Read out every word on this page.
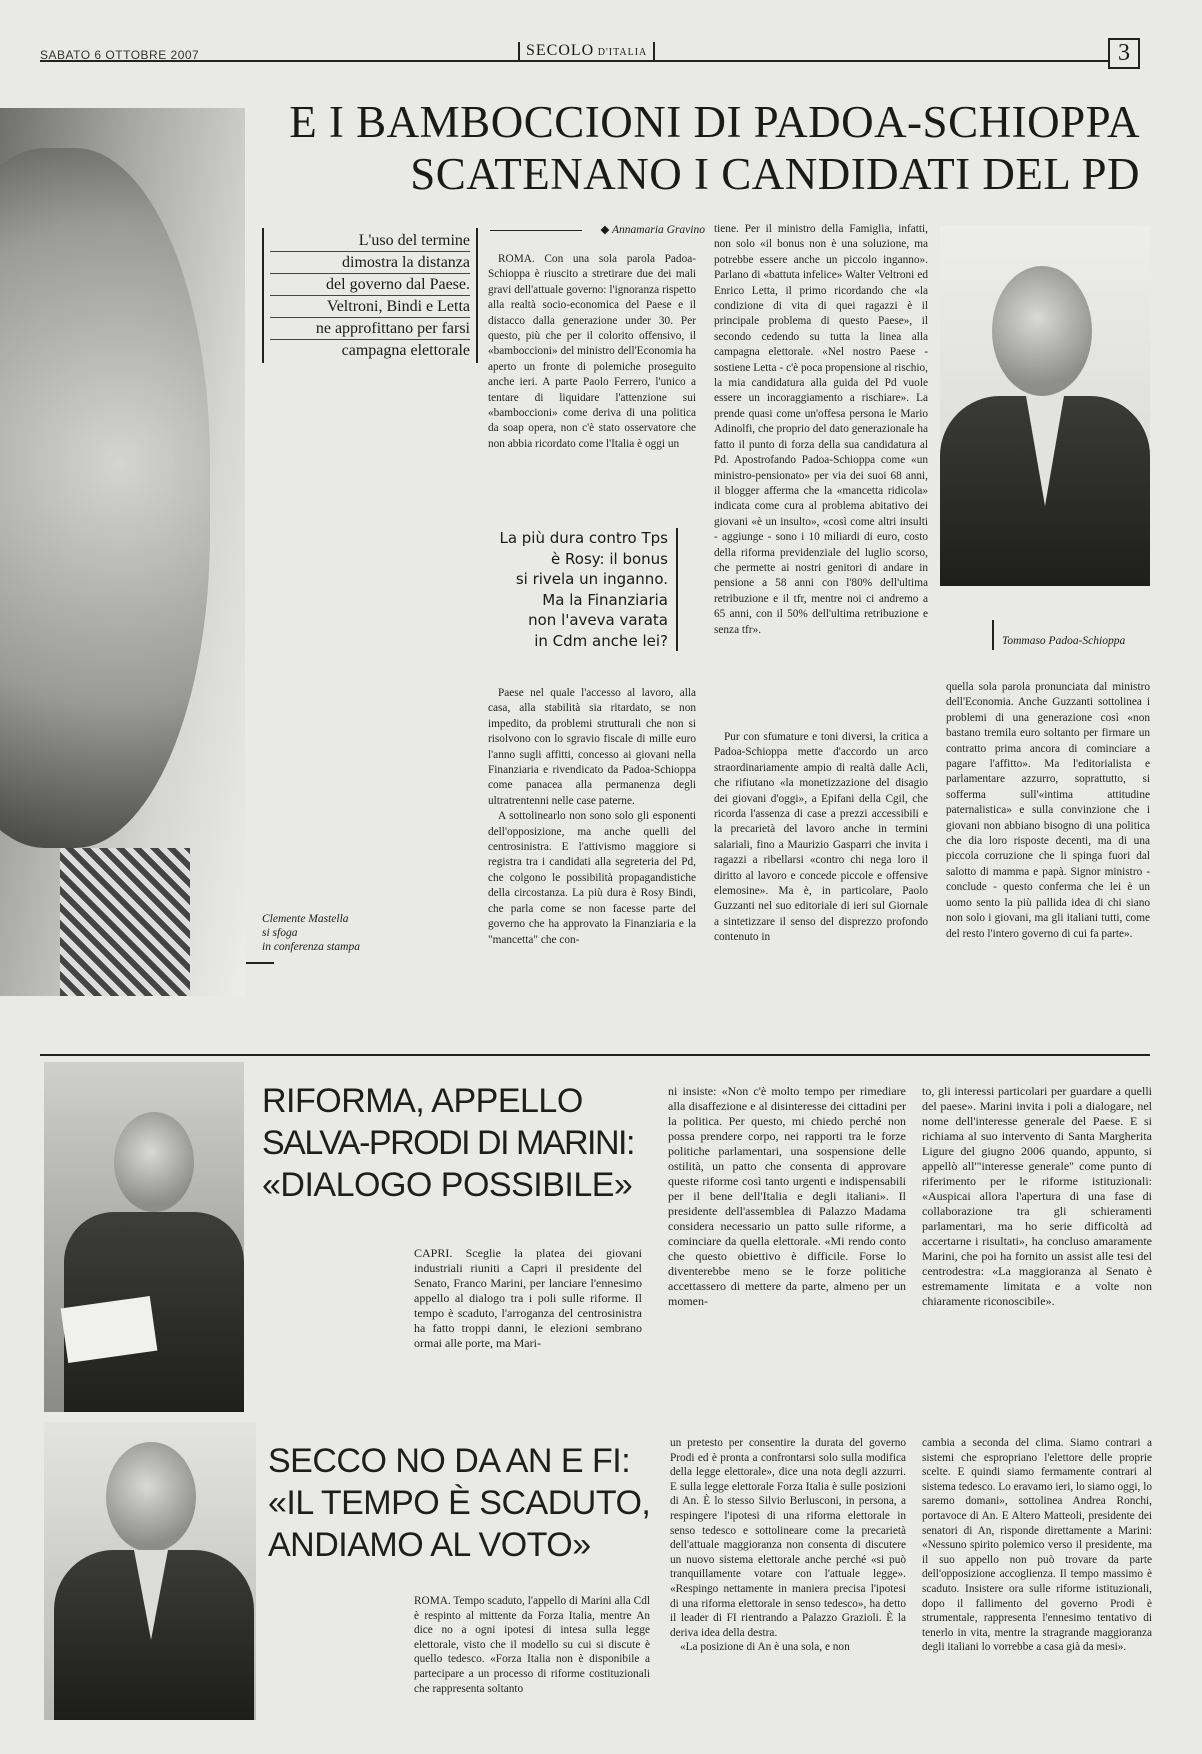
SABATO 6 OTTOBRE 2007	SECOLO D'ITALIA	3
Clemente Mastella
si sfoga
in conferenza stampa
E I BAMBOCCIONI DI PADOA-SCHIOPPA
SCATENANO I CANDIDATI DEL PD
L'uso del termine
dimostra la distanza
del governo dal Paese.
Veltroni, Bindi e Letta
ne approfittano per farsi
campagna elettorale
◆ Annamaria Gravino

ROMA. Con una sola parola Padoa-Schioppa è riuscito a stretirare due dei mali gravi dell'attuale governo: l'ignoranza rispetto alla realtà socio-economica del Paese e il distacco dalla generazione under 30. Per questo, più che per il colorito offensivo, il «bamboccioni» del ministro dell'Economia ha aperto un fronte di polemiche proseguito anche ieri. A parte Paolo Ferrero, l'unico a tentare di liquidare l'attenzione sui «bamboccioni» come deriva di una politica da soap opera, non c'è stato osservatore che non abbia ricordato come l'Italia è oggi un

La più dura contro Tps
è Rosy: il bonus
si rivela un inganno.
Ma la Finanziaria
non l'aveva varata
in Cdm anche lei?

Paese nel quale l'accesso al lavoro, alla casa, alla stabilità sia ritardato, se non impedito, da problemi strutturali che non si risolvono con lo sgravio fiscale di mille euro l'anno sugli affitti, concesso ai giovani nella Finanziaria e rivendicato da Padoa-Schioppa come panacea alla permanenza degli ultratrentenni nelle case paterne.

A sottolinearlo non sono solo gli esponenti dell'opposizione, ma anche quelli del centrosinistra. E l'attivismo maggiore si registra tra i candidati alla segreteria del Pd, che colgono le possibilità propagandistiche della circostanza. La più dura è Rosy Bindi, che parla come se non facesse parte del governo che ha approvato la Finanziaria e la "mancetta" che con-

tiene. Per il ministro della Famiglia, infatti, non solo «il bonus non è una soluzione, ma potrebbe essere anche un piccolo inganno». Parlano di «battuta infelice» Walter Veltroni ed Enrico Letta, il primo ricordando che «la condizione di vita di quei ragazzi è il principale problema di questo Paese», il secondo cedendo su tutta la linea alla campagna elettorale. «Nel nostro Paese - sostiene Letta - c'è poca propensione al rischio, la mia candidatura alla guida del Pd vuole essere un incoraggiamento a rischiare». La prende quasi come un'offesa persona le Mario Adinolfi, che proprio del dato generazionale ha fatto il punto di forza della sua candidatura al Pd. Apostrofando Padoa-Schioppa come «un ministro-pensionato» per via dei suoi 68 anni, il blogger afferma che la «mancetta ridicola» indicata come cura al problema abitativo dei giovani «è un insulto», «così come altri insulti - aggiunge - sono i 10 miliardi di euro, costo della riforma previdenziale del luglio scorso, che permette ai nostri genitori di andare in pensione a 58 anni con l'80% dell'ultima retribuzione e il tfr, mentre noi ci andremo a 65 anni, con il 50% dell'ultima retribuzione e senza tfr».

Pur con sfumature e toni diversi, la critica a Padoa-Schioppa mette d'accordo un arco straordinariamente ampio di realtà dalle Acli, che rifiutano «la monetizzazione del disagio dei giovani d'oggi», a Epifani della Cgil, che ricorda l'assenza di case a prezzi accessibili e la precarietà del lavoro anche in termini salariali, fino a Maurizio Gasparri che invita i ragazzi a ribellarsi «contro chi nega loro il diritto al lavoro e concede piccole e offensive elemosine». Ma è, in particolare, Paolo Guzzanti nel suo editoriale di ieri sul Giornale a sintetizzare il senso del disprezzo profondo contenuto in

Tommaso Padoa-Schioppa

quella sola parola pronunciata dal ministro dell'Economia. Anche Guzzanti sottolinea i problemi di una generazione così «non bastano tremila euro soltanto per firmare un contratto prima ancora di cominciare a pagare l'affitto». Ma l'editorialista e parlamentare azzurro, soprattutto, si sofferma sull'«intima attitudine paternalistica» e sulla convinzione che i giovani non abbiano bisogno di una politica che dia loro risposte decenti, ma di una piccola corruzione che li spinga fuori dal salotto di mamma e papà. Signor ministro - conclude - questo conferma che lei è un uomo sento la più pallida idea di chi siano non solo i giovani, ma gli italiani tutti, come del resto l'intero governo di cui fa parte».

RIFORMA, APPELLO
SALVA-PRODI DI MARINI:
«DIALOGO POSSIBILE»

CAPRI. Sceglie la platea dei giovani industriali riuniti a Capri il presidente del Senato, Franco Marini, per lanciare l'ennesimo appello al dialogo tra i poli sulle riforme. Il tempo è scaduto, l'arroganza del centrosinistra ha fatto troppi danni, le elezioni sembrano ormai alle porte, ma Mari-

ni insiste: «Non c'è molto tempo per rimediare alla disaffezione e al disinteresse dei cittadini per la politica. Per questo, mi chiedo perché non possa prendere corpo, nei rapporti tra le forze politiche parlamentari, una sospensione delle ostilità, un patto che consenta di approvare queste riforme così tanto urgenti e indispensabili per il bene dell'Italia e degli italiani». Il presidente dell'assemblea di Palazzo Madama considera necessario un patto sulle riforme, a cominciare da quella elettorale. «Mi rendo conto che questo obiettivo è difficile. Forse lo diventerebbe meno se le forze politiche accettassero di mettere da parte, almeno per un momen-

to, gli interessi particolari per guardare a quelli del paese». Marini invita i poli a dialogare, nel nome dell'interesse generale del Paese. E si richiama al suo intervento di Santa Margherita Ligure del giugno 2006 quando, appunto, si appellò all'"interesse generale" come punto di riferimento per le riforme istituzionali: «Auspicai allora l'apertura di una fase di collaborazione tra gli schieramenti parlamentari, ma ho serie difficoltà ad accertarne i risultati», ha concluso amaramente Marini, che poi ha fornito un assist alle tesi del centrodestra: «La maggioranza al Senato è estremamente limitata e a volte non chiaramente riconoscibile».

SECCO NO DA AN E FI:
«IL TEMPO È SCADUTO,
ANDIAMO AL VOTO»

ROMA. Tempo scaduto, l'appello di Marini alla Cdl è respinto al mittente da Forza Italia, mentre An dice no a ogni ipotesi di intesa sulla legge elettorale, visto che il modello su cui si discute è quello tedesco. «Forza Italia non è disponibile a partecipare a un processo di riforme costituzionali che rappresenta soltanto

un pretesto per consentire la durata del governo Prodi ed è pronta a confrontarsi solo sulla modifica della legge elettorale», dice una nota degli azzurri. E sulla legge elettorale Forza Italia è sulle posizioni di An. È lo stesso Silvio Berlusconi, in persona, a respingere l'ipotesi di una riforma elettorale in senso tedesco e sottolineare come la precarietà dell'attuale maggioranza non consenta di discutere un nuovo sistema elettorale anche perché «si può tranquillamente votare con l'attuale legge». «Respingo nettamente in maniera precisa l'ipotesi di una riforma elettorale in senso tedesco», ha detto il leader di FI rientrando a Palazzo Grazioli. È la deriva idea della destra.

«La posizione di An è una sola, e non

cambia a seconda del clima. Siamo contrari a sistemi che espropriano l'elettore delle proprie scelte. E quindi siamo fermamente contrari al sistema tedesco. Lo eravamo ieri, lo siamo oggi, lo saremo domani», sottolinea Andrea Ronchi, portavoce di An. E Altero Matteoli, presidente dei senatori di An, risponde direttamente a Marini: «Nessuno spirito polemico verso il presidente, ma il suo appello non può trovare da parte dell'opposizione accoglienza. Il tempo massimo è scaduto. Insistere ora sulle riforme istituzionali, dopo il fallimento del governo Prodi è strumentale, rappresenta l'ennesimo tentativo di tenerlo in vita, mentre la stragrande maggioranza degli italiani lo vorrebbe a casa già da mesi».
